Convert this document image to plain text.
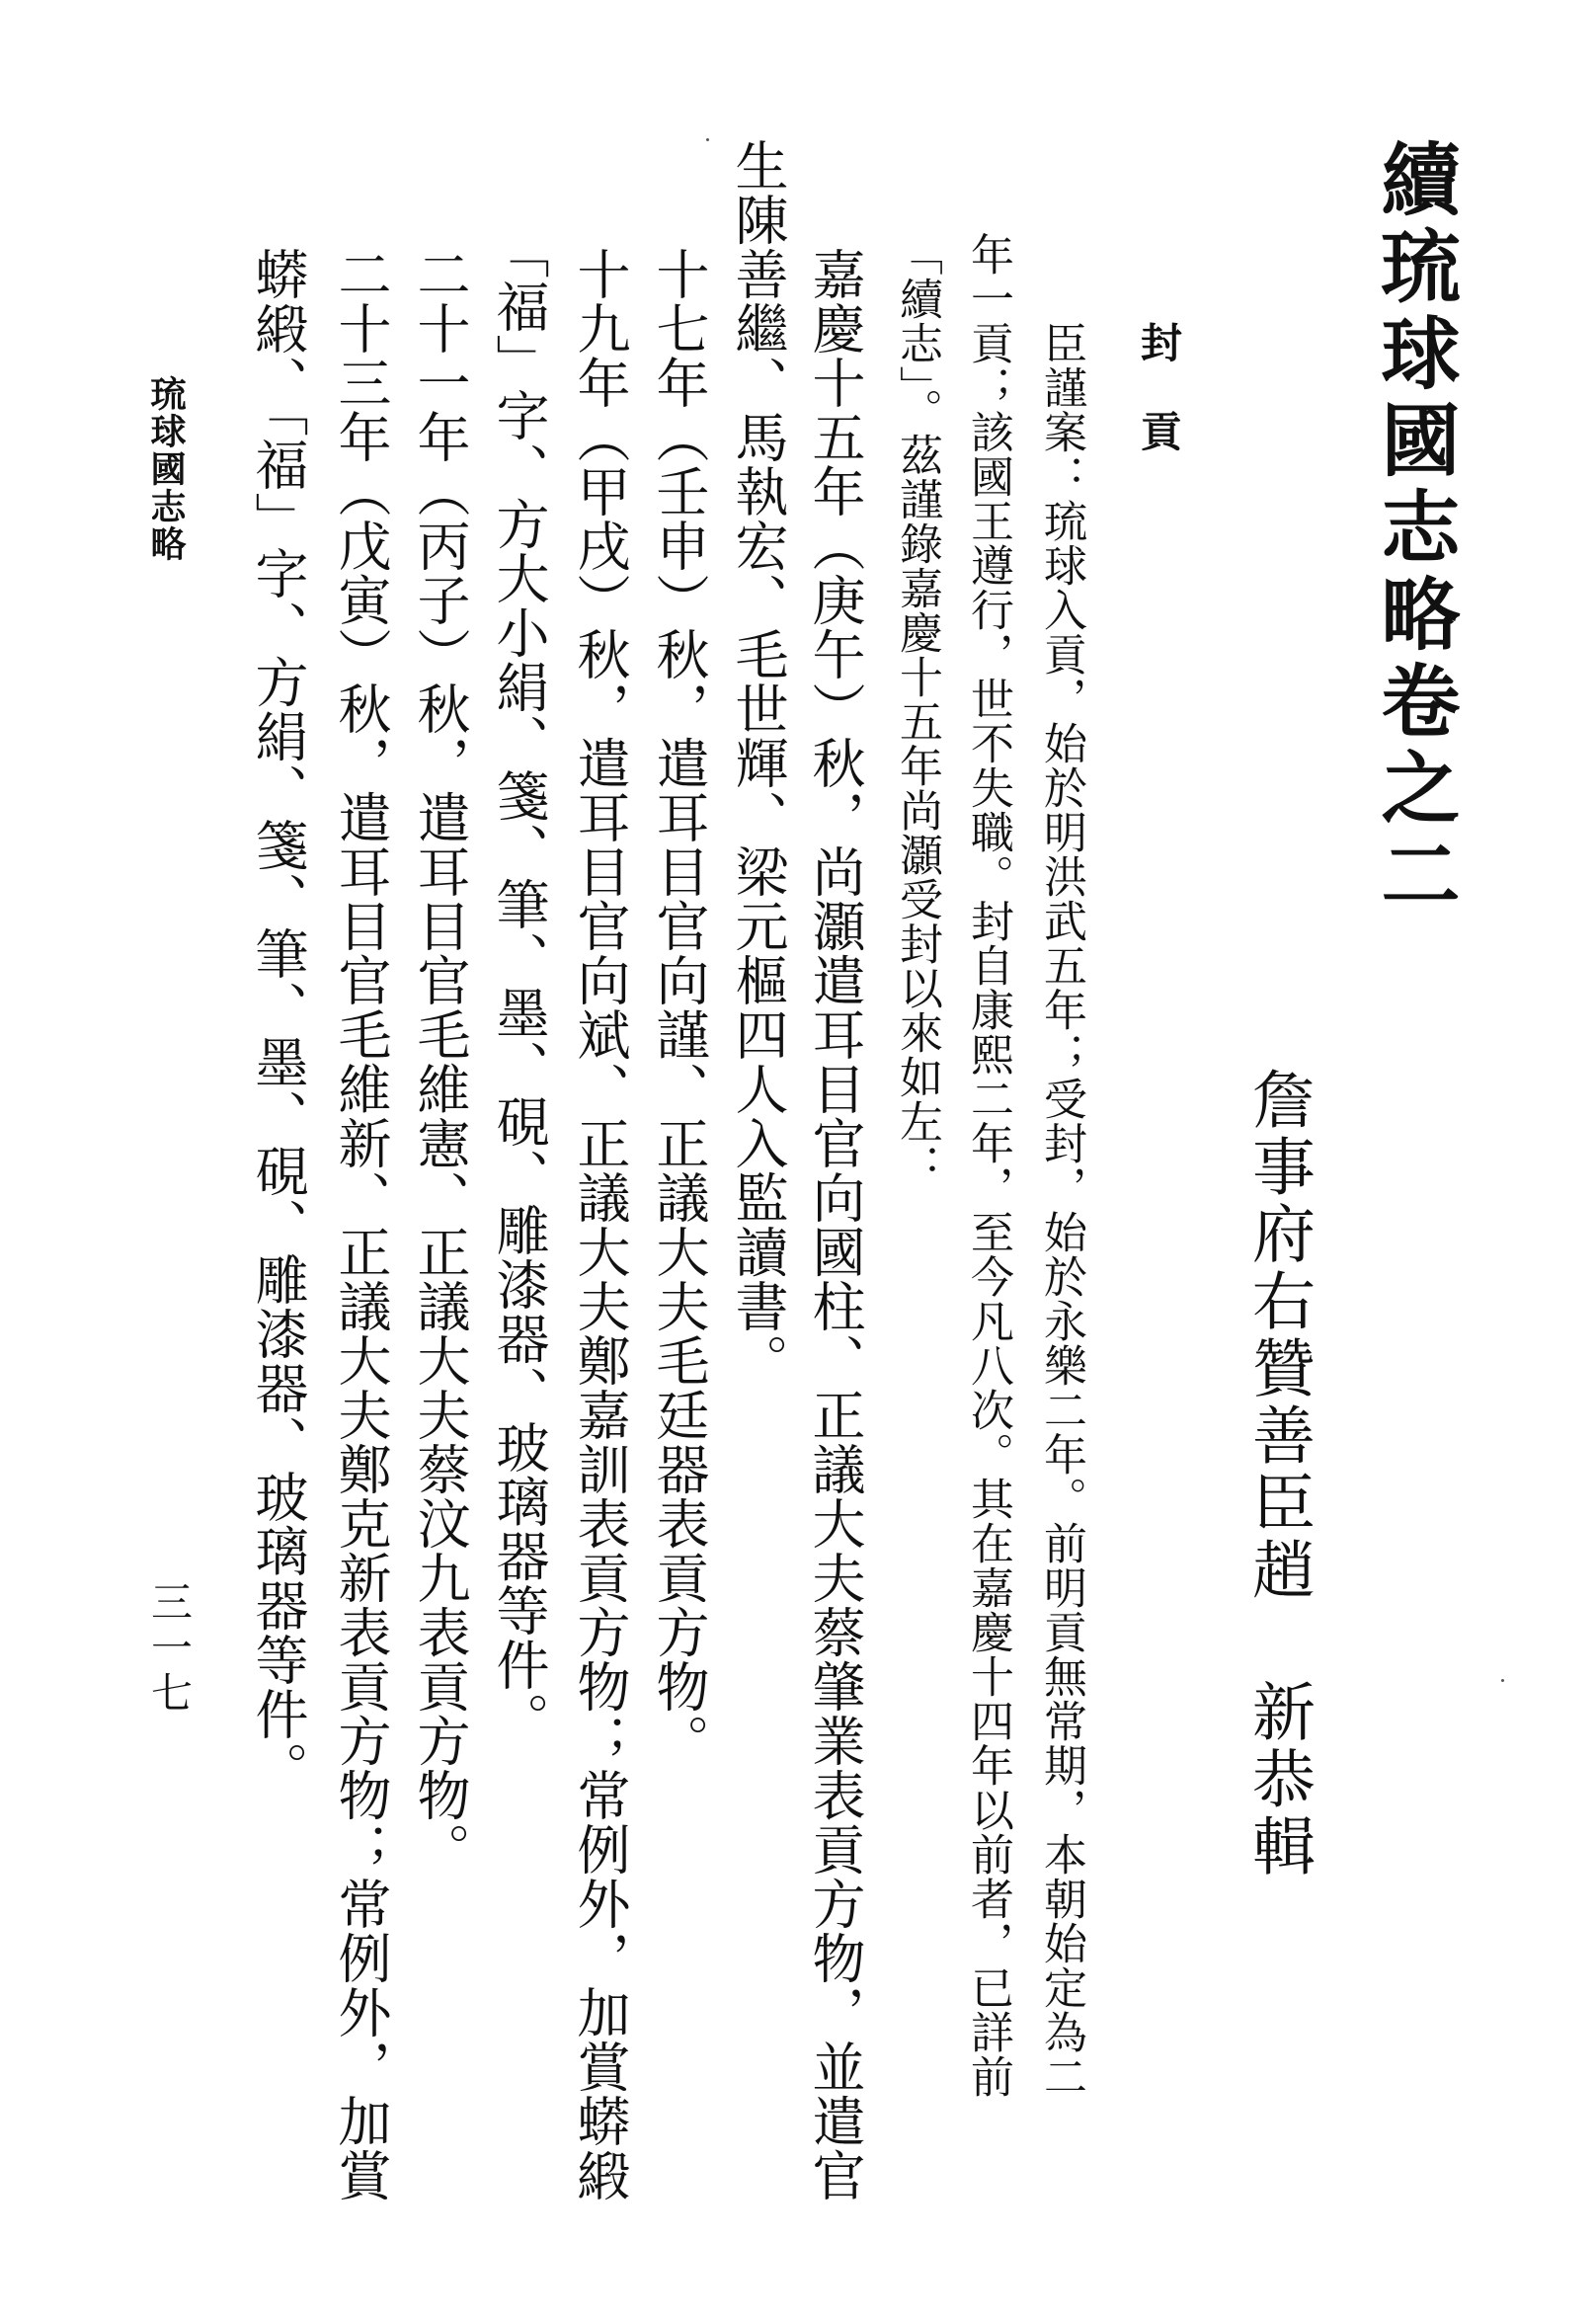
續琉球國志略卷之二
詹事府右贊善臣趙
新恭輯
封貢
臣謹案：琉球入貢，始於明洪武五年；受封，始於永樂二年。前明貢無常期，本朝始定為二
年一貢；該國王遵行，世不失職。封自康熙二年，至今凡八次。其在嘉慶十四年以前者，已詳前
「續志」。茲謹錄嘉慶十五年尚灝受封以來如左：
嘉慶十五年（庚午）秋，尚灝遣耳目官向國柱、正議大夫蔡肇業表貢方物，並遣官
生陳善繼、馬執宏、毛世輝、梁元樞四人入監讀書。
十七年（壬申）秋，遣耳目官向謹、正議大夫毛廷器表貢方物。
十九年（甲戌）秋，遣耳目官向斌、正議大夫鄭嘉訓表貢方物；常例外，加賞蟒緞
「福」字、方大小絹、箋、筆、墨、硯、雕漆器、玻璃器等件。
二十一年（丙子）秋，遣耳目官毛維憲、正議大夫蔡汶九表貢方物。
二十三年（戊寅）秋，遣耳目官毛維新、正議大夫鄭克新表貢方物；常例外，加賞
蟒緞、「福」字、方絹、箋、筆、墨、硯、雕漆器、玻璃器等件。
琉球國志略
三一七
